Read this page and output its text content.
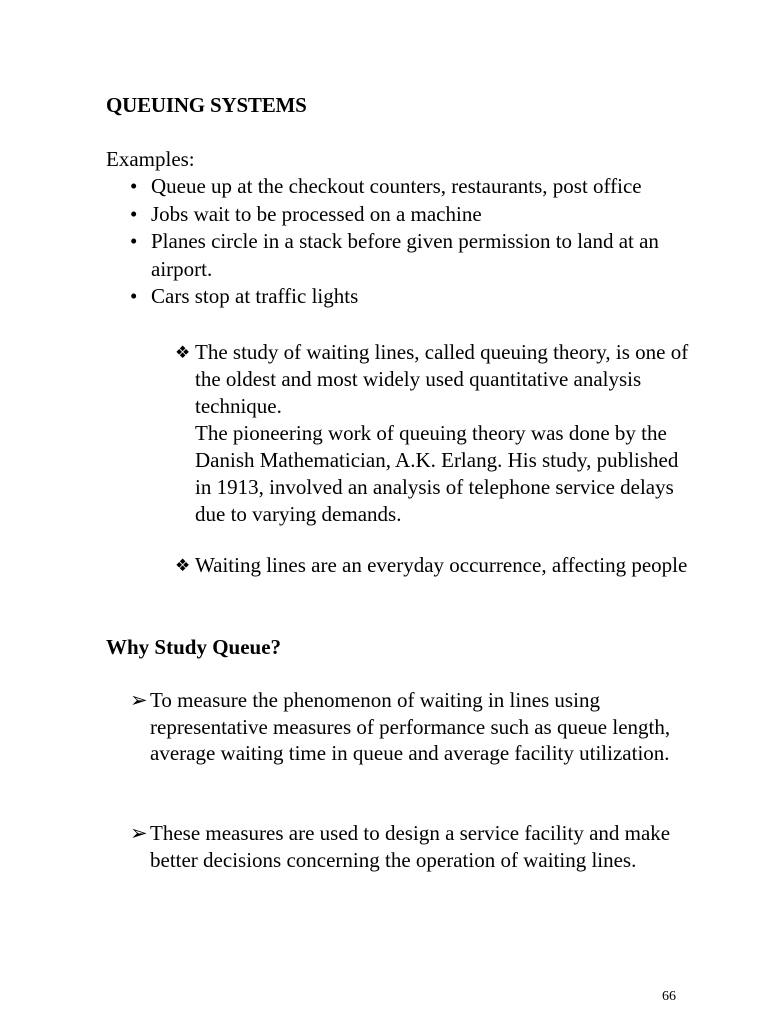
QUEUING SYSTEMS
Examples:
• Queue up at the checkout counters, restaurants, post office
• Jobs wait to be processed on a machine
• Planes circle in a stack before given permission to land at an airport.
• Cars stop at traffic lights
❖ The study of waiting lines, called queuing theory, is one of the oldest and most widely used quantitative analysis technique.
The pioneering work of queuing theory was done by the Danish Mathematician, A.K. Erlang. His study, published in 1913, involved an analysis of telephone service delays due to varying demands.
❖ Waiting lines are an everyday occurrence, affecting people
Why Study Queue?
➢ To measure the phenomenon of waiting in lines using representative measures of performance such as queue length, average waiting time in queue and average facility utilization.
➢ These measures are used to design a service facility and make better decisions concerning the operation of waiting lines.
66
